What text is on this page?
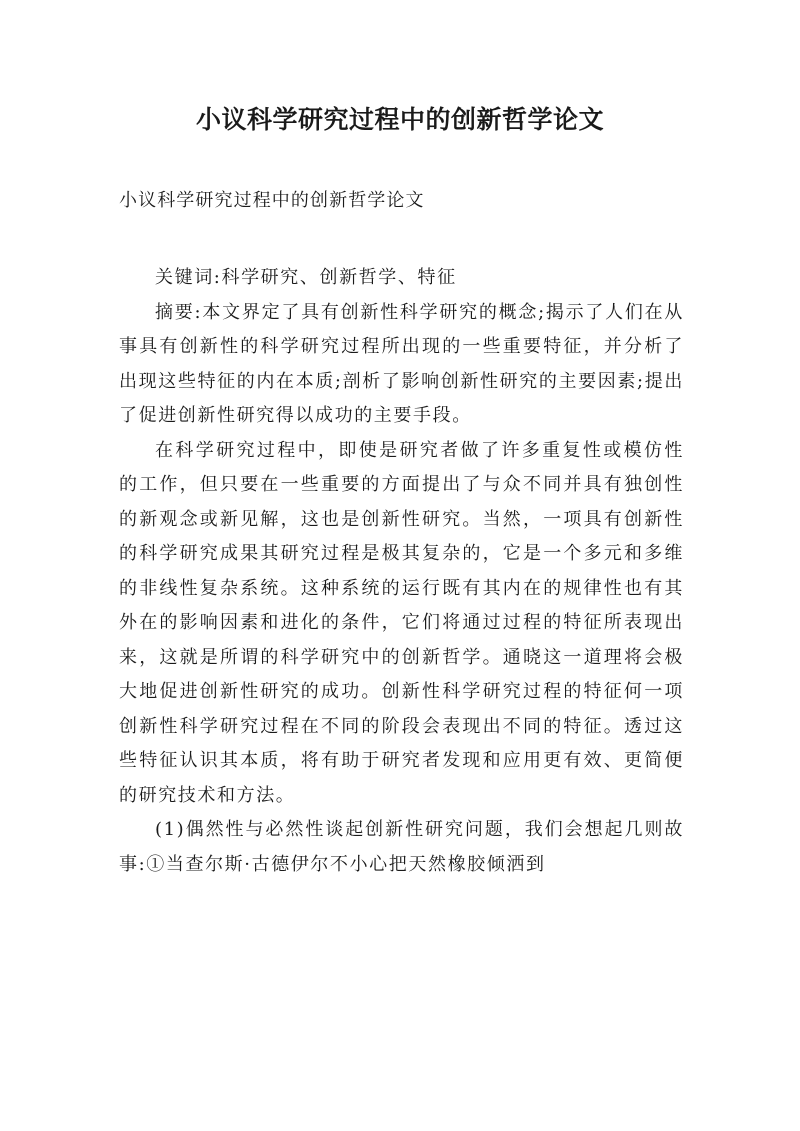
小议科学研究过程中的创新哲学论文

小议科学研究过程中的创新哲学论文

关键词:科学研究、创新哲学、特征

摘要:本文界定了具有创新性科学研究的概念;揭示了人们在从事具有创新性的科学研究过程所出现的一些重要特征，并分析了出现这些特征的内在本质;剖析了影响创新性研究的主要因素;提出了促进创新性研究得以成功的主要手段。

在科学研究过程中，即使是研究者做了许多重复性或模仿性的工作，但只要在一些重要的方面提出了与众不同并具有独创性的新观念或新见解，这也是创新性研究。当然，一项具有创新性的科学研究成果其研究过程是极其复杂的，它是一个多元和多维的非线性复杂系统。这种系统的运行既有其内在的规律性也有其外在的影响因素和进化的条件，它们将通过过程的特征所表现出来，这就是所谓的科学研究中的创新哲学。通晓这一道理将会极大地促进创新性研究的成功。创新性科学研究过程的特征何一项创新性科学研究过程在不同的阶段会表现出不同的特征。透过这些特征认识其本质，将有助于研究者发现和应用更有效、更简便的研究技术和方法。

(1)偶然性与必然性谈起创新性研究问题，我们会想起几则故事:①当查尔斯·古德伊尔不小心把天然橡胶倾洒到
